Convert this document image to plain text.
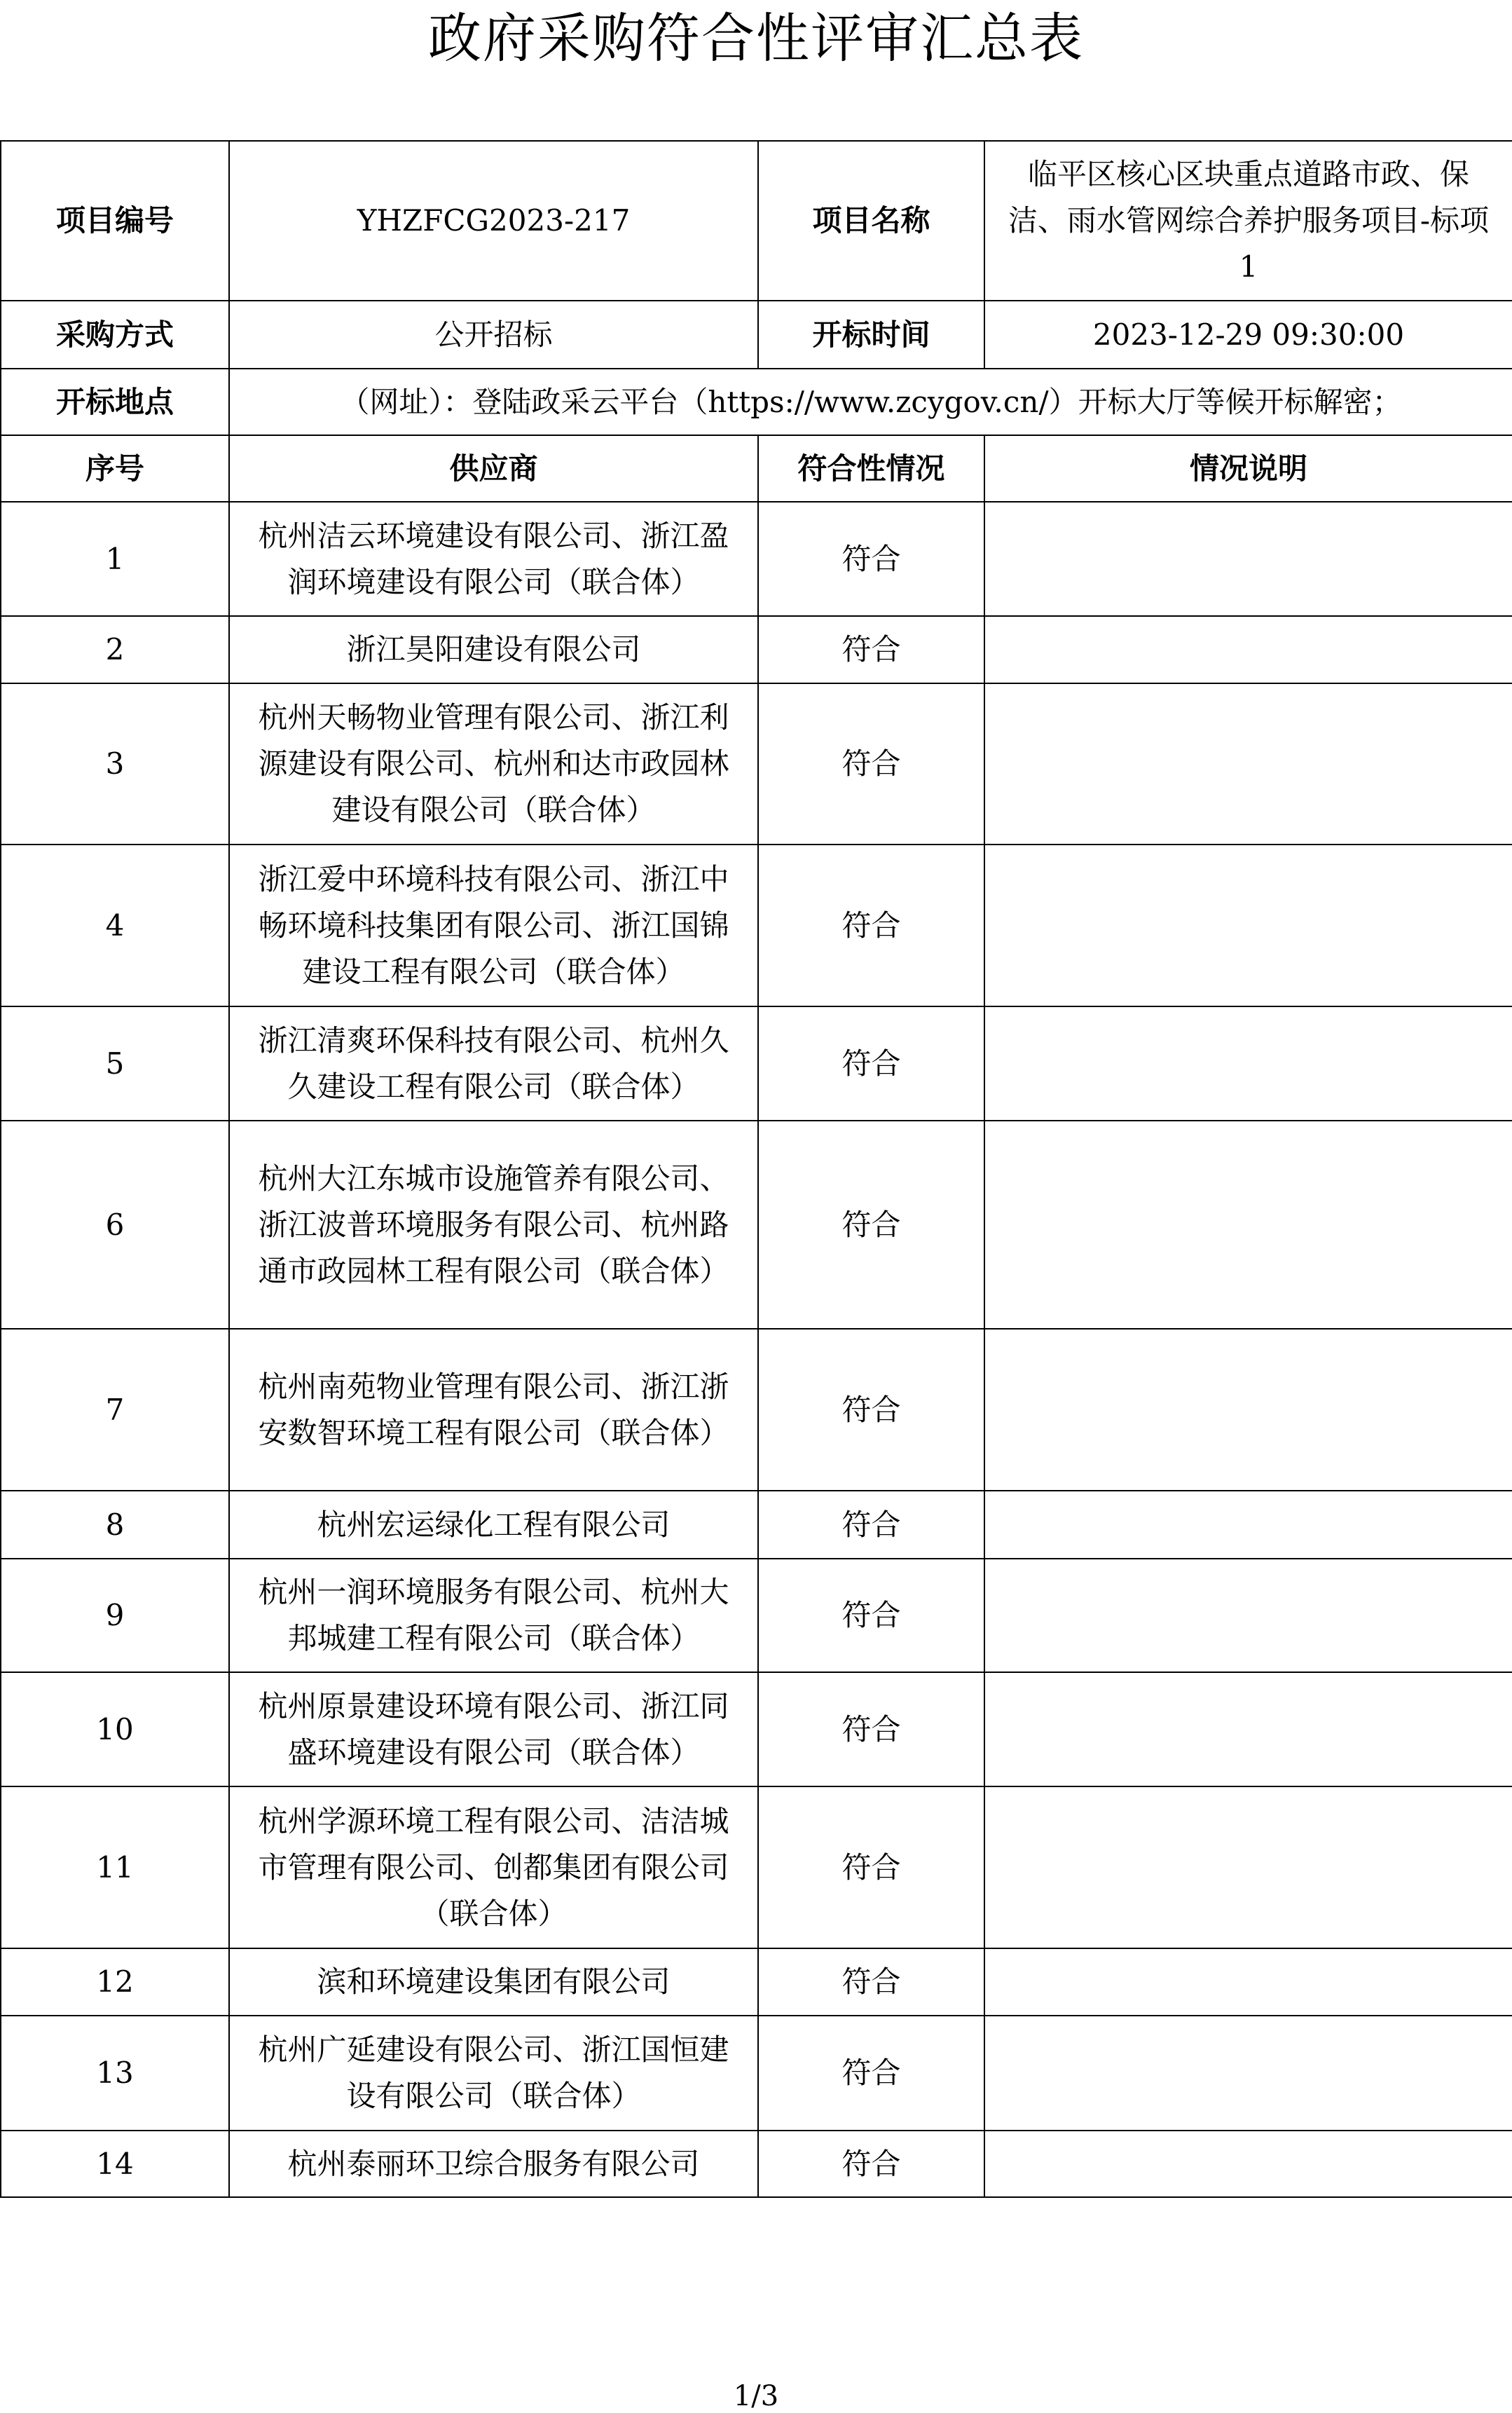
政府采购符合性评审汇总表
项目编号	YHZFCG2023-217	项目名称	临平区核心区块重点道路市政、保洁、雨水管网综合养护服务项目-标项1
采购方式	公开招标	开标时间	2023-12-29 09:30:00
开标地点	（网址）：登陆政采云平台（https://www.zcygov.cn/）开标大厅等候开标解密；		
序号	供应商	符合性情况	情况说明
1	杭州洁云环境建设有限公司、浙江盈润环境建设有限公司（联合体）	符合	
2	浙江昊阳建设有限公司	符合	
3	杭州天畅物业管理有限公司、浙江利源建设有限公司、杭州和达市政园林建设有限公司（联合体）	符合	
4	浙江爱中环境科技有限公司、浙江中畅环境科技集团有限公司、浙江国锦建设工程有限公司（联合体）	符合	
5	浙江清爽环保科技有限公司、杭州久久建设工程有限公司（联合体）	符合	
6	杭州大江东城市设施管养有限公司、浙江波普环境服务有限公司、杭州路通市政园林工程有限公司（联合体）	符合	
7	杭州南苑物业管理有限公司、浙江浙安数智环境工程有限公司（联合体）	符合	
8	杭州宏运绿化工程有限公司	符合	
9	杭州一润环境服务有限公司、杭州大邦城建工程有限公司（联合体）	符合	
10	杭州原景建设环境有限公司、浙江同盛环境建设有限公司（联合体）	符合	
11	杭州学源环境工程有限公司、洁洁城市管理有限公司、创都集团有限公司（联合体）	符合	
12	滨和环境建设集团有限公司	符合	
13	杭州广延建设有限公司、浙江国恒建设有限公司（联合体）	符合	
14	杭州泰丽环卫综合服务有限公司	符合	
1/3
